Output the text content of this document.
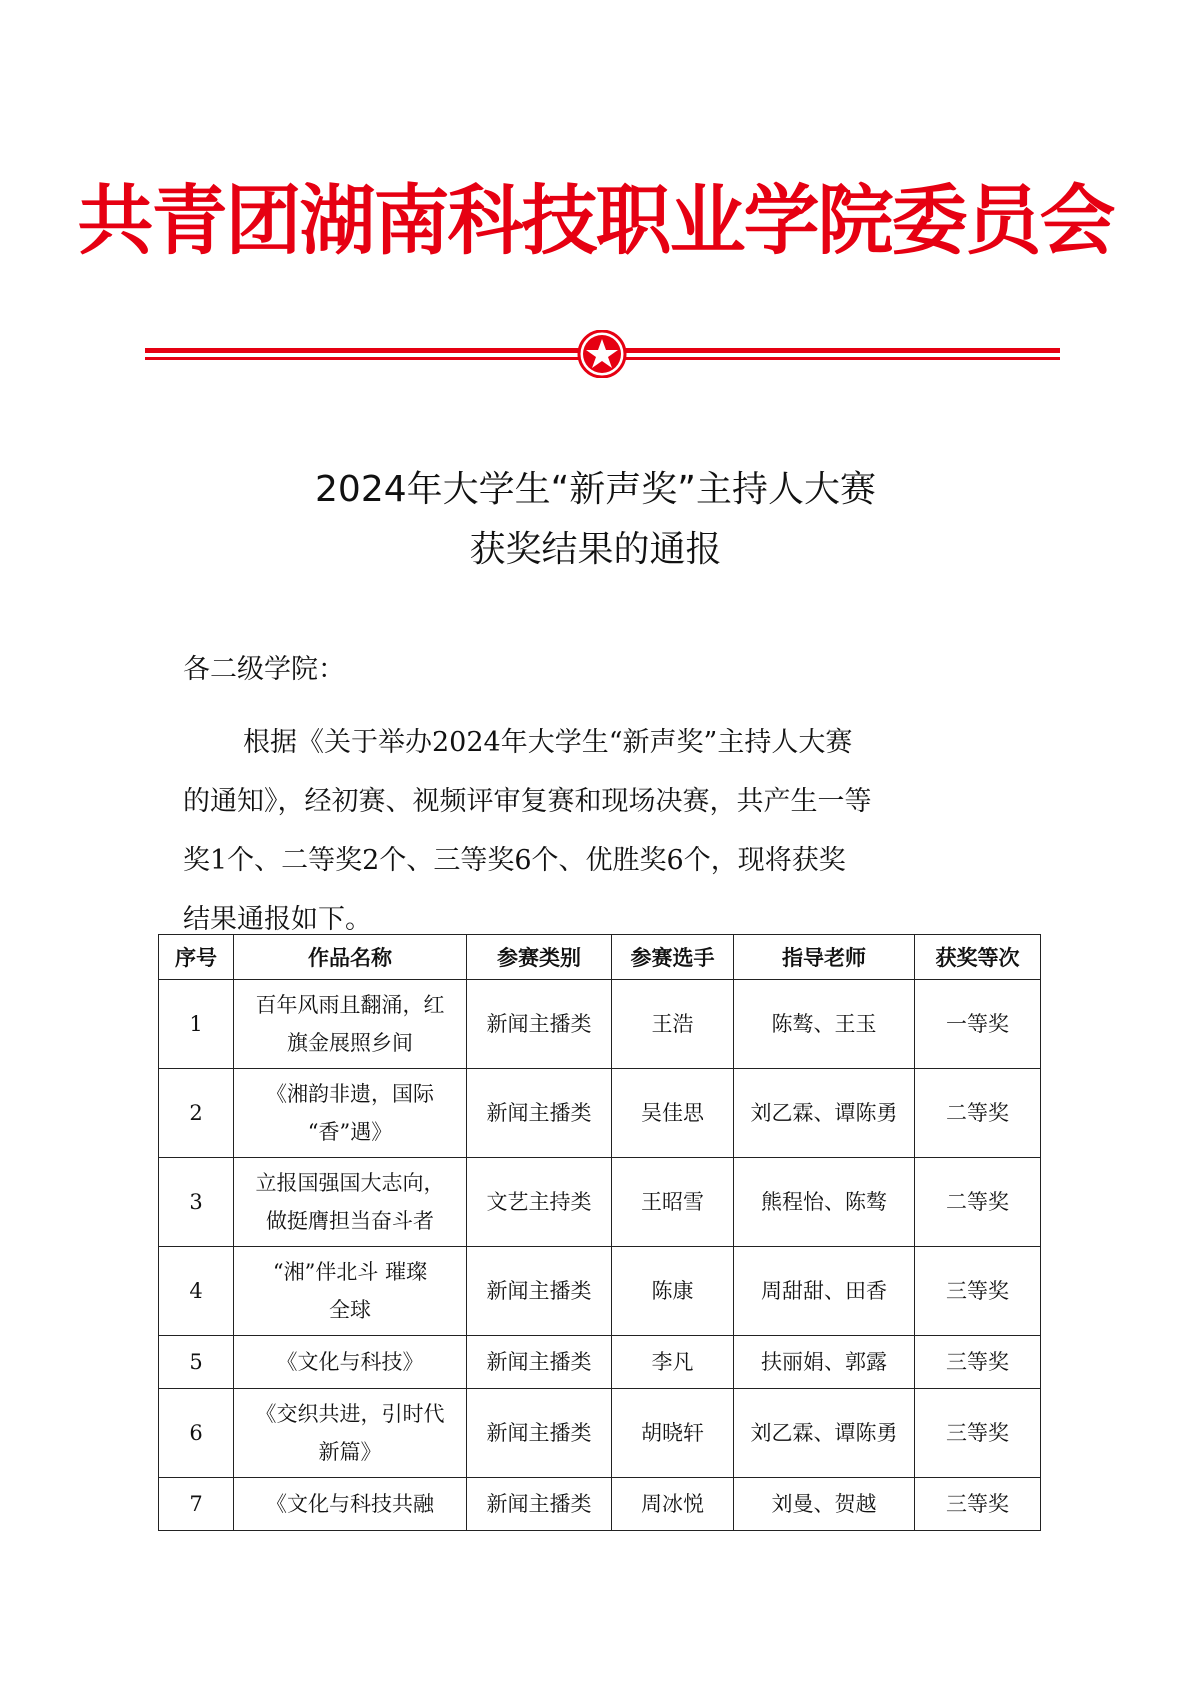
共青团湖南科技职业学院委员会
2024年大学生“新声奖”主持人大赛
获奖结果的通报
各二级学院：
根据《关于举办2024年大学生“新声奖”主持人大赛
的通知》，经初赛、视频评审复赛和现场决赛，共产生一等
奖1个、二等奖2个、三等奖6个、优胜奖6个，现将获奖
结果通报如下。
序号	作品名称	参赛类别	参赛选手	指导老师	获奖等次
1	百年风雨且翻涌，红
旗金展照乡间	新闻主播类	王浩	陈骜、王玉	一等奖
2	《湘韵非遗，国际
“香”遇》	新闻主播类	吴佳思	刘乙霖、谭陈勇	二等奖
3	立报国强国大志向，
做挺膺担当奋斗者	文艺主持类	王昭雪	熊程怡、陈骜	二等奖
4	“湘”伴北斗 璀璨
全球	新闻主播类	陈康	周甜甜、田香	三等奖
5	《文化与科技》	新闻主播类	李凡	扶丽娟、郭露	三等奖
6	《交织共进，引时代
新篇》	新闻主播类	胡晓轩	刘乙霖、谭陈勇	三等奖
7	《文化与科技共融	新闻主播类	周冰悦	刘曼、贺越	三等奖
